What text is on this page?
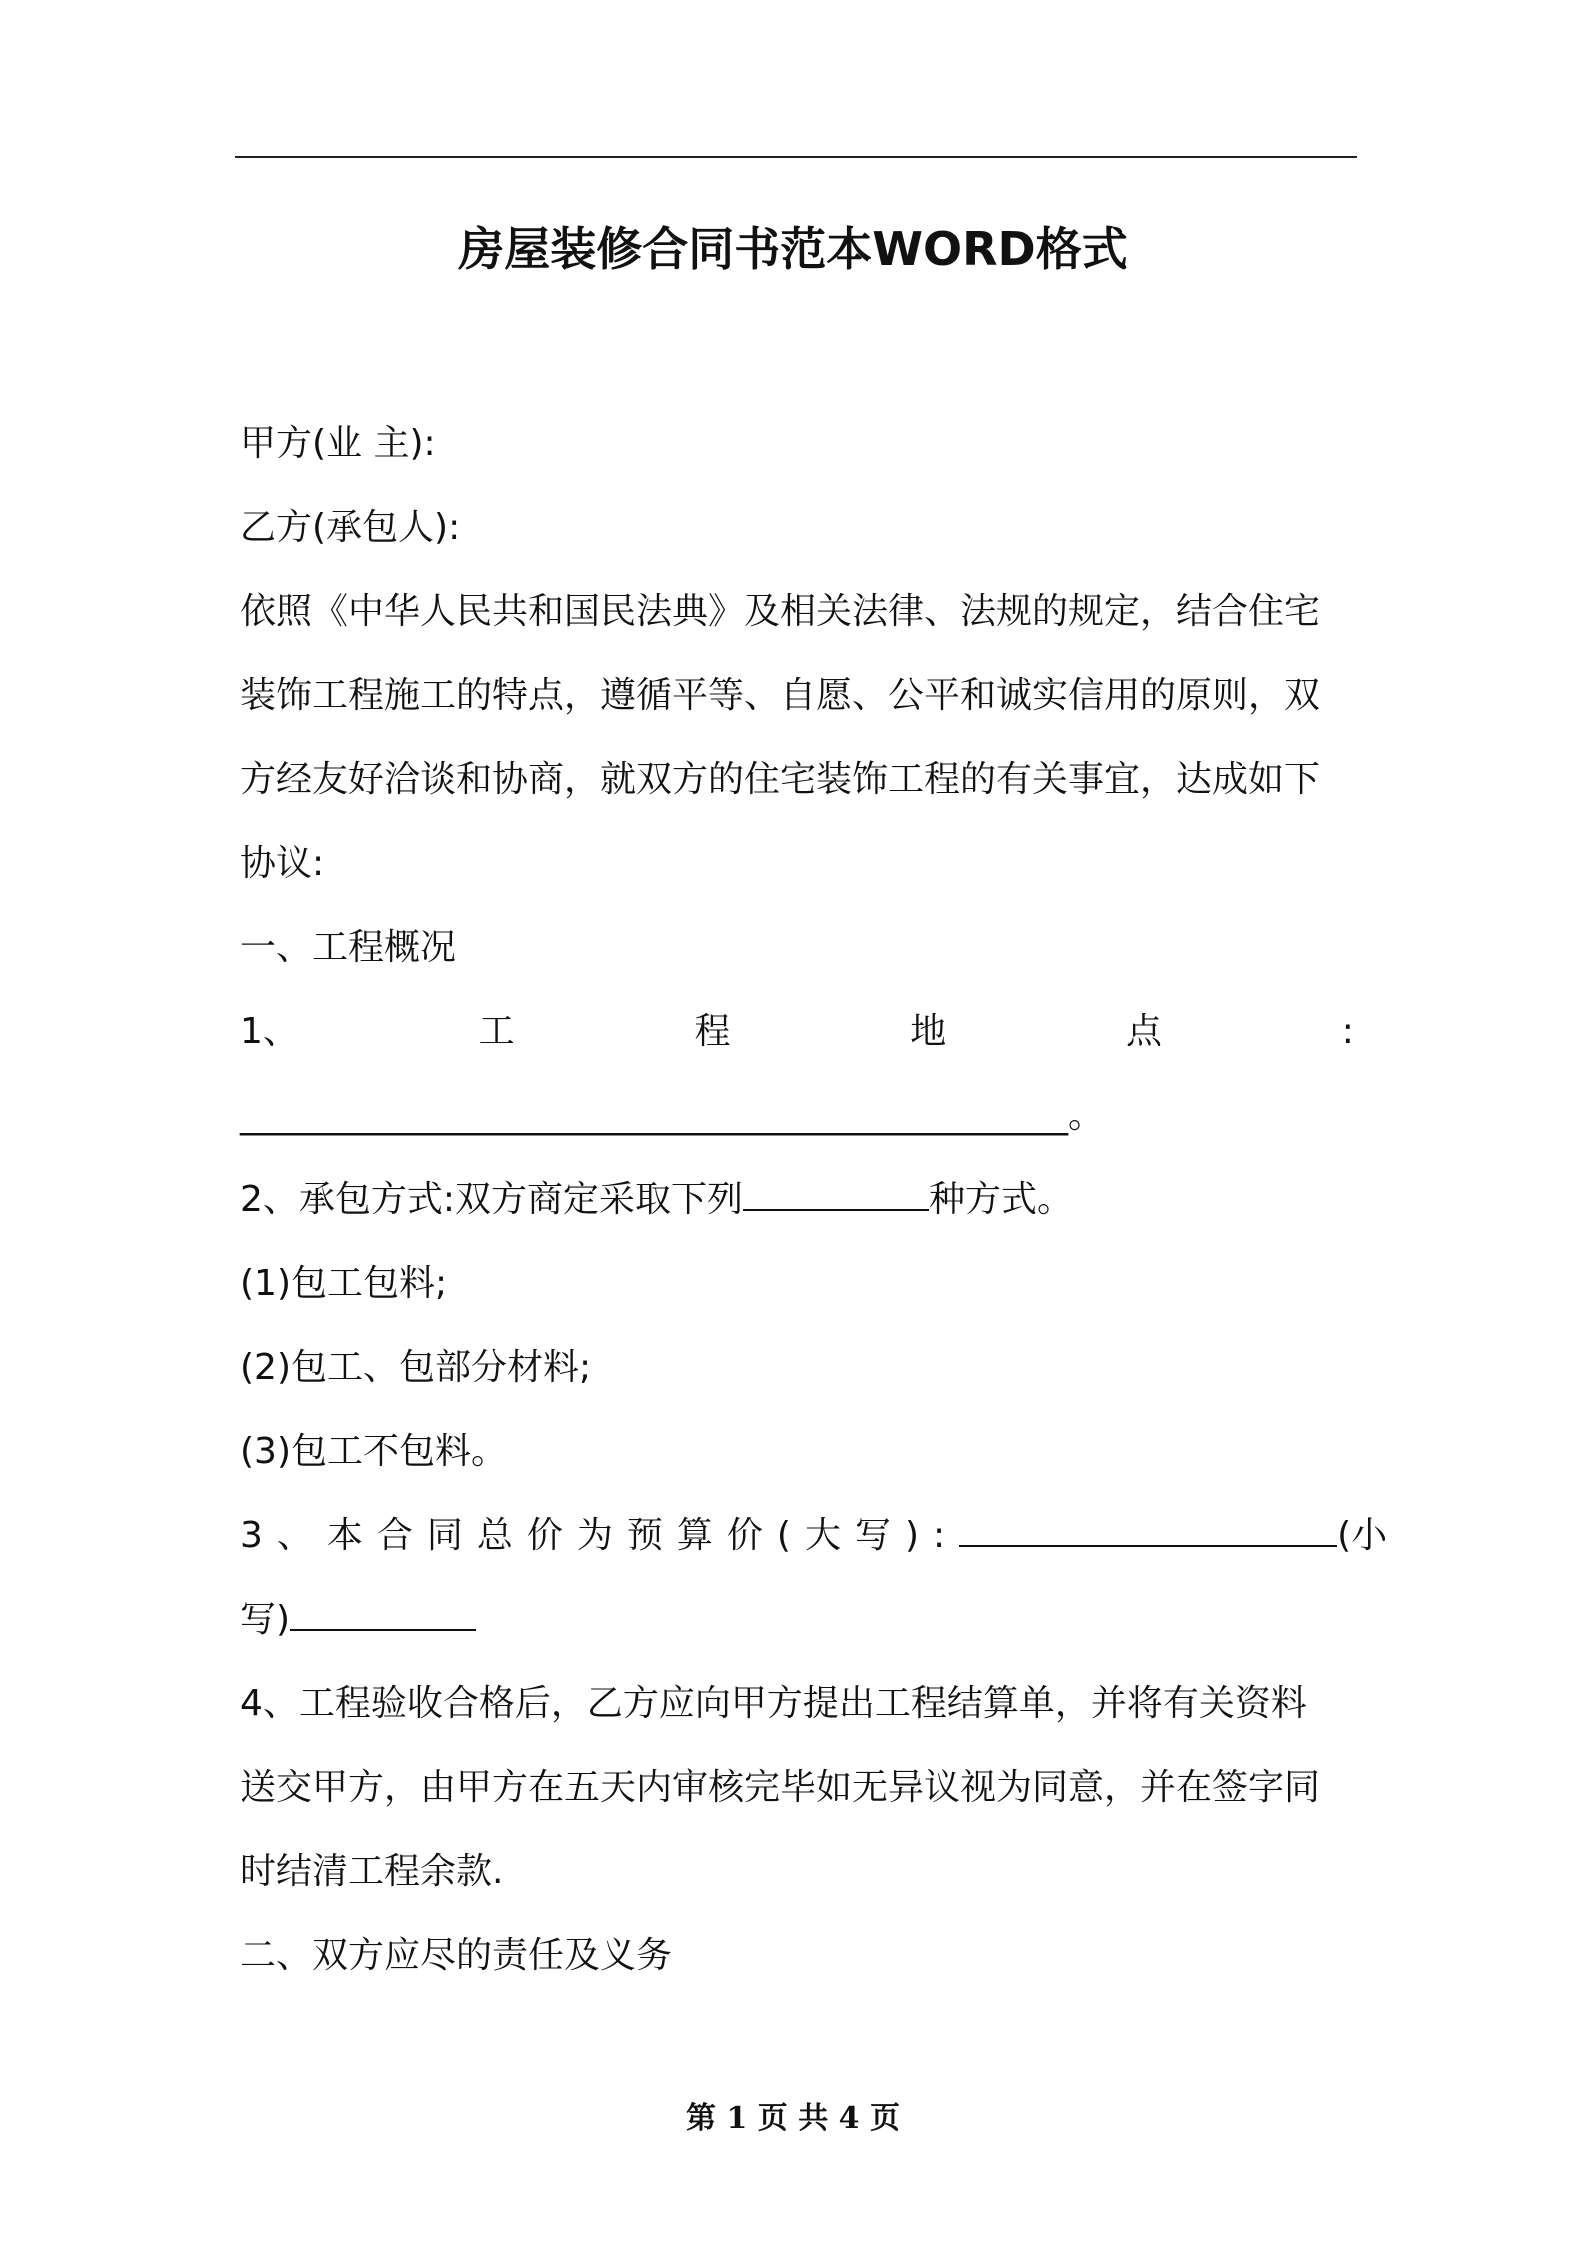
房屋装修合同书范本WORD格式
甲方(业 主):
乙方(承包人):
依照《中华人民共和国民法典》及相关法律、法规的规定，结合住宅
装饰工程施工的特点，遵循平等、自愿、公平和诚实信用的原则，双
方经友好洽谈和协商，就双方的住宅装饰工程的有关事宜，达成如下
协议:
一、工程概况
1、	工	程	地	点	:
______________________________________________。
2、承包方式:双方商定采取下列	种方式。
(1)包工包料;
(2)包工、包部分材料;
(3)包工不包料。
3、本合同总价为预算价(大写):	(小
写)
4、工程验收合格后，乙方应向甲方提出工程结算单，并将有关资料
送交甲方，由甲方在五天内审核完毕如无异议视为同意，并在签字同
时结清工程余款.
二、双方应尽的责任及义务
第 1 页 共 4 页
